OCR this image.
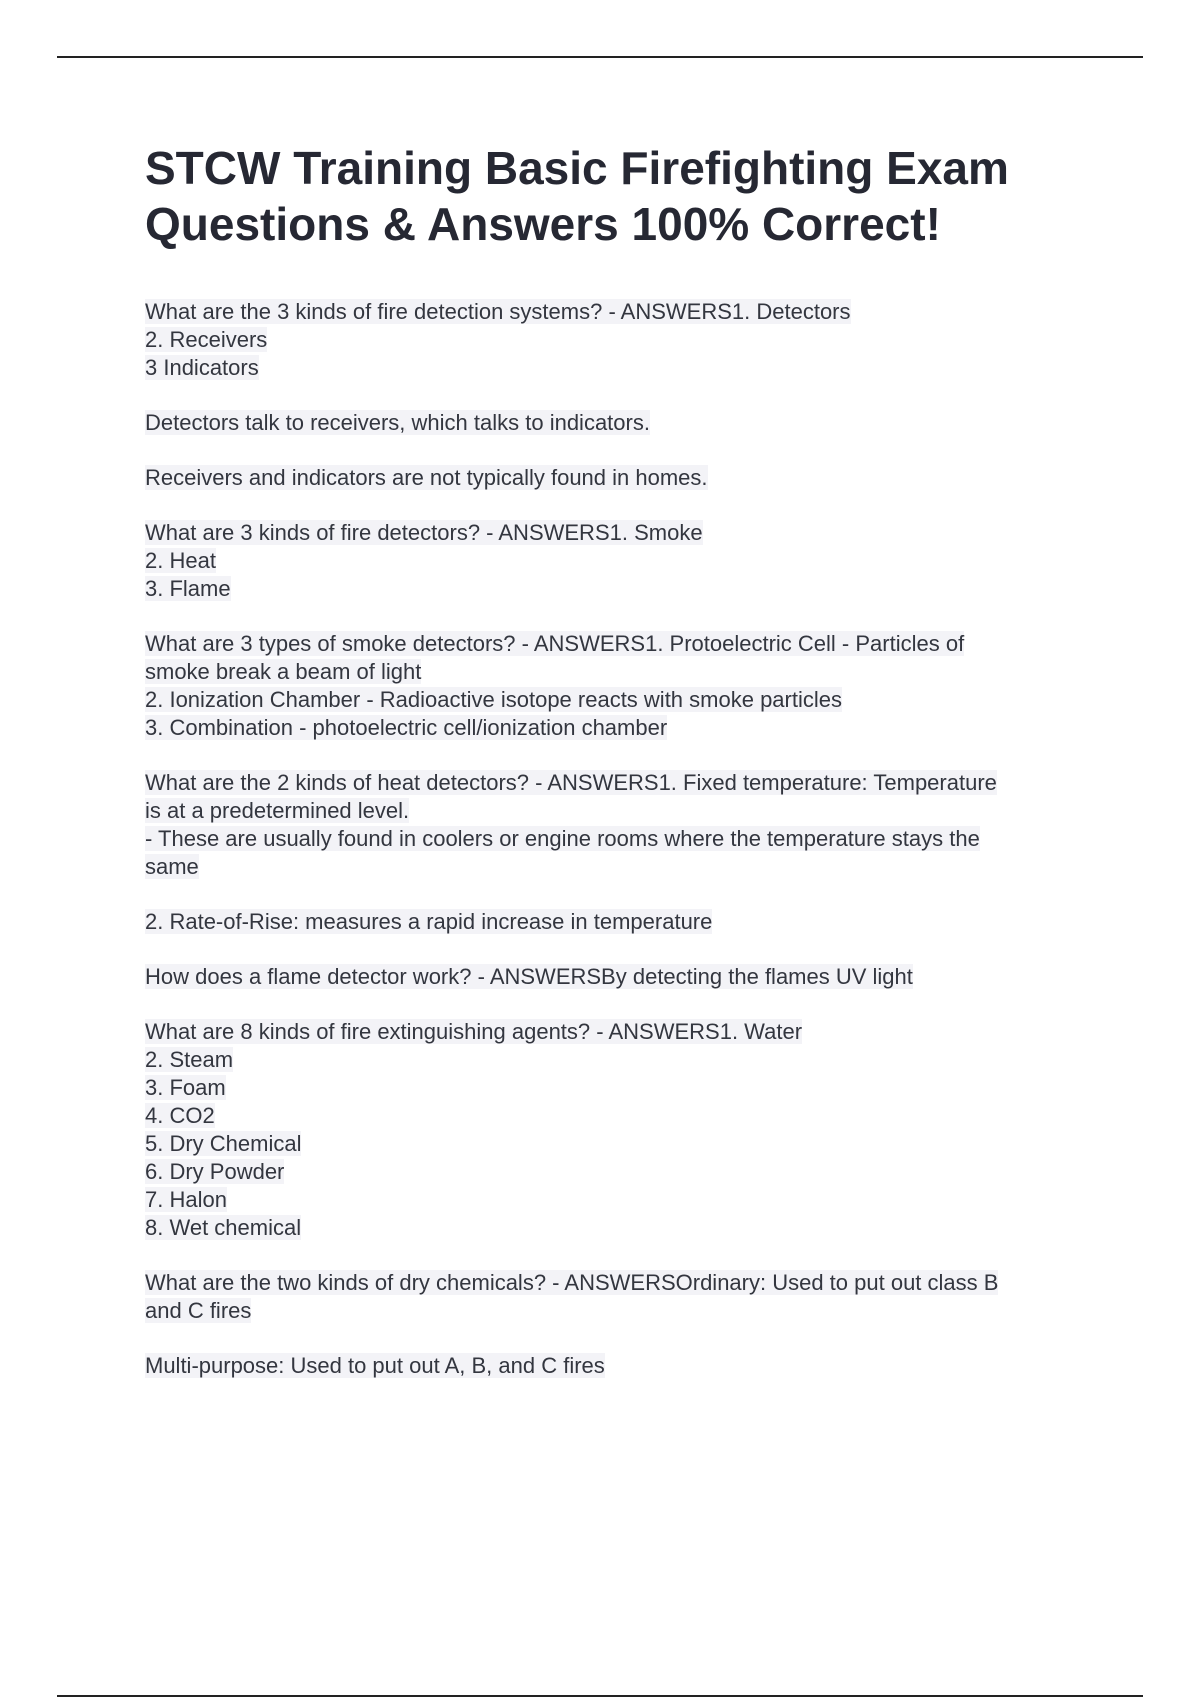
STCW Training Basic Firefighting Exam Questions & Answers 100% Correct!
What are the 3 kinds of fire detection systems? - ANSWERS1. Detectors
2. Receivers
3 Indicators
Detectors talk to receivers, which talks to indicators.
Receivers and indicators are not typically found in homes.
What are 3 kinds of fire detectors? - ANSWERS1. Smoke
2. Heat
3. Flame
What are 3 types of smoke detectors? - ANSWERS1. Protoelectric Cell - Particles of
smoke break a beam of light
2. Ionization Chamber - Radioactive isotope reacts with smoke particles
3. Combination - photoelectric cell/ionization chamber
What are the 2 kinds of heat detectors? - ANSWERS1. Fixed temperature: Temperature
is at a predetermined level.
- These are usually found in coolers or engine rooms where the temperature stays the
same
2. Rate-of-Rise: measures a rapid increase in temperature
How does a flame detector work? - ANSWERSBy detecting the flames UV light
What are 8 kinds of fire extinguishing agents? - ANSWERS1. Water
2. Steam
3. Foam
4. CO2
5. Dry Chemical
6. Dry Powder
7. Halon
8. Wet chemical
What are the two kinds of dry chemicals? - ANSWERSOrdinary: Used to put out class B
and C fires
Multi-purpose: Used to put out A, B, and C fires
